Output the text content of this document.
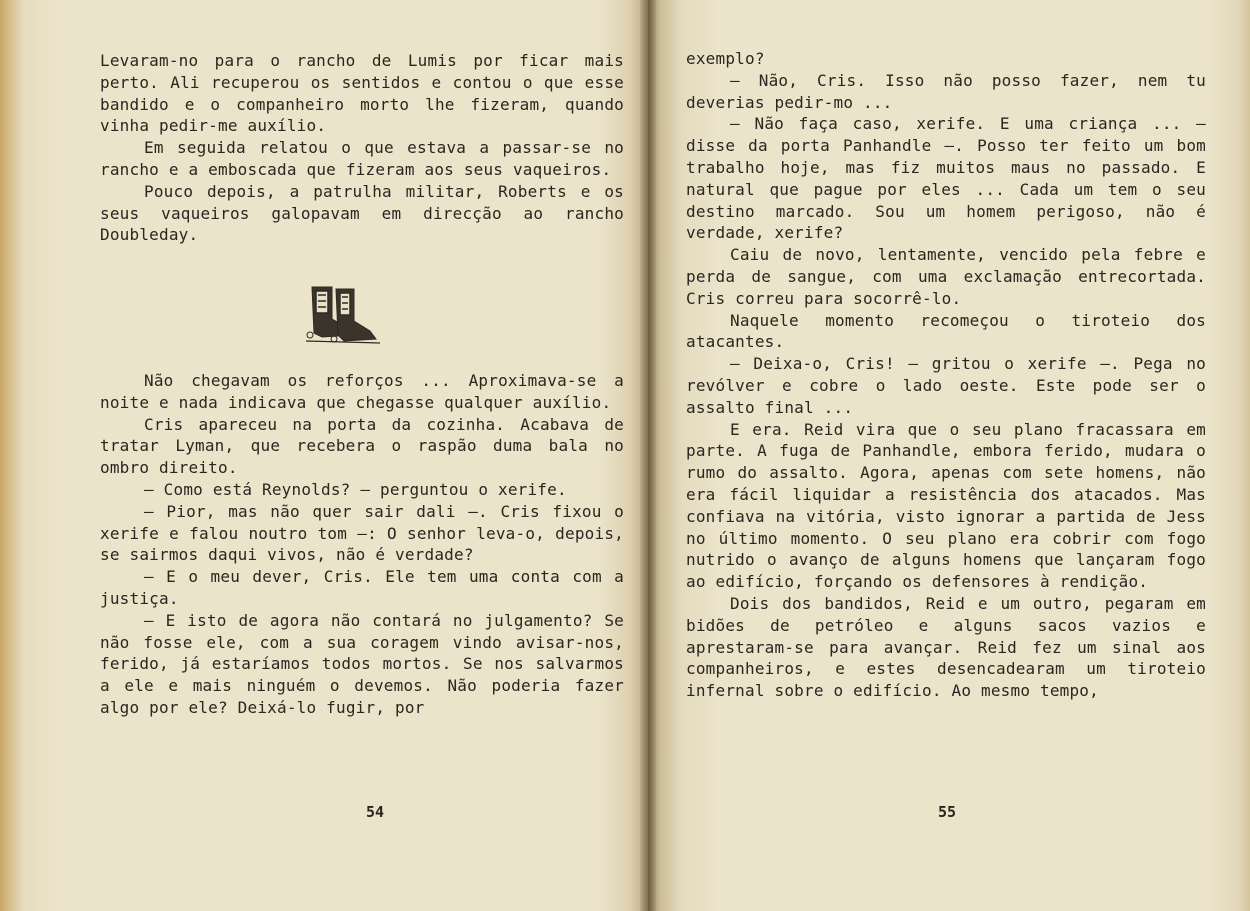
Levaram-no para o rancho de Lumis por ficar mais perto. Ali recuperou os sentidos e contou o que esse bandido e o companheiro morto lhe fizeram, quando vinha pedir-me auxílio.

Em seguida relatou o que estava a passar-se no rancho e a emboscada que fizeram aos seus vaqueiros.

Pouco depois, a patrulha militar, Roberts e os seus vaqueiros galopavam em direcção ao rancho Doubleday.

Não chegavam os reforços ... Aproximava-se a noite e nada indicava que chegasse qualquer auxílio.

Cris apareceu na porta da cozinha. Acabava de tratar Lyman, que recebera o raspão duma bala no ombro direito.

— Como está Reynolds? — perguntou o xerife.

— Pior, mas não quer sair dali —. Cris fixou o xerife e falou noutro tom —: O senhor leva-o, depois, se sairmos daqui vivos, não é verdade?

— E o meu dever, Cris. Ele tem uma conta com a justiça.

— E isto de agora não contará no julgamento? Se não fosse ele, com a sua coragem vindo avisar-nos, ferido, já estaríamos todos mortos. Se nos salvarmos a ele e mais ninguém o devemos. Não poderia fazer algo por ele? Deixá-lo fugir, por

54

exemplo?

— Não, Cris. Isso não posso fazer, nem tu deverias pedir-mo ...

— Não faça caso, xerife. E uma criança ... — disse da porta Panhandle —. Posso ter feito um bom trabalho hoje, mas fiz muitos maus no passado. E natural que pague por eles ... Cada um tem o seu destino marcado. Sou um homem perigoso, não é verdade, xerife?

Caiu de novo, lentamente, vencido pela febre e perda de sangue, com uma exclamação entrecortada. Cris correu para socorrê-lo.

Naquele momento recomeçou o tiroteio dos atacantes.

— Deixa-o, Cris! — gritou o xerife —. Pega no revólver e cobre o lado oeste. Este pode ser o assalto final ...

E era. Reid vira que o seu plano fracassara em parte. A fuga de Panhandle, embora ferido, mudara o rumo do assalto. Agora, apenas com sete homens, não era fácil liquidar a resistência dos atacados. Mas confiava na vitória, visto ignorar a partida de Jess no último momento. O seu plano era cobrir com fogo nutrido o avanço de alguns homens que lançaram fogo ao edifício, forçando os defensores à rendição.

Dois dos bandidos, Reid e um outro, pegaram em bidões de petróleo e alguns sacos vazios e aprestaram-se para avançar. Reid fez um sinal aos companheiros, e estes desencadearam um tiroteio infernal sobre o edifício. Ao mesmo tempo,

55
